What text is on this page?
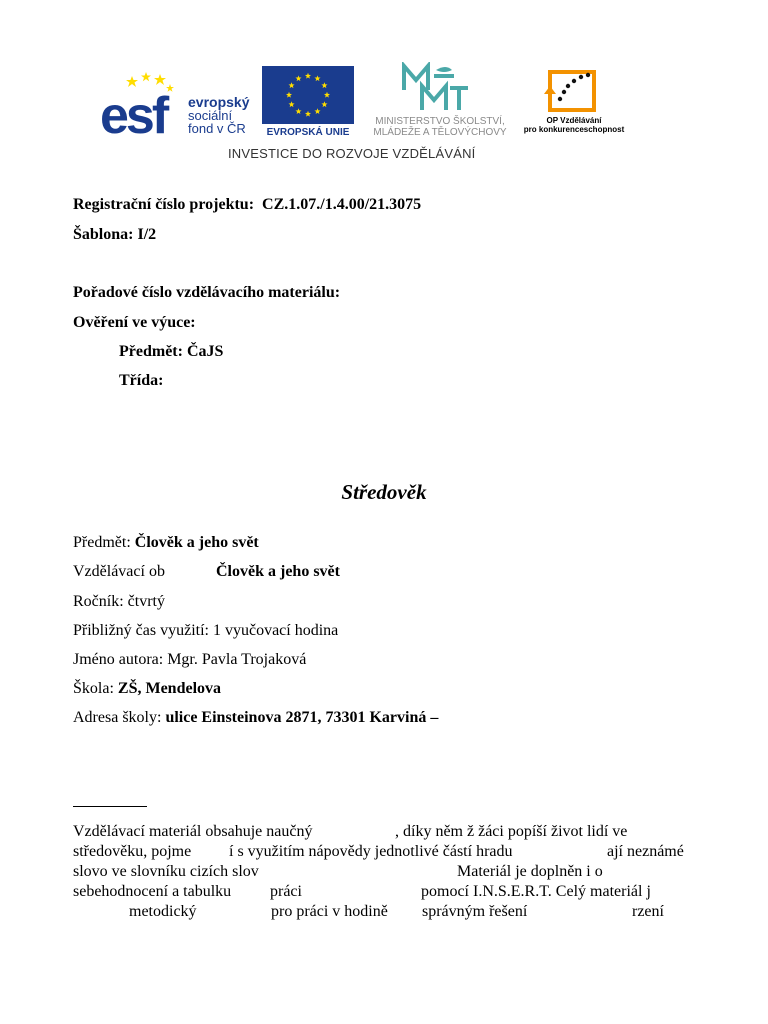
esf evropský
sociální
fond v ČR	EVROPSKÁ UNIE
MINISTERSTVO ŠKOLSTVÍ,
MLÁDEŽE A TĚLOVÝCHOVY
OP Vzdělávání
pro konkurenceschopnost
INVESTICE DO ROZVOJE VZDĚLÁVÁNÍ
Registrační číslo projektu: CZ.1.07./1.4.00/21.3075
Šablona: I/2
Pořadové číslo vzdělávacího materiálu:
Ověření ve výuce:
Předmět: ČaJS
Třída:
Středověk
Předmět: Člověk a jeho svět
Vzdělávací ob	Člověk a jeho svět
Ročník: čtvrtý
Přibližný čas využití: 1 vyučovací hodina
Jméno autora: Mgr. Pavla Trojaková
Škola: ZŠ, Mendelova
Adresa školy: ulice Einsteinova 2871, 73301 Karviná –
Vzdělávací materiál obsahuje naučný	, díky něm ž žáci popíší život lidí ve
středověku, pojme í s využitím nápovědy jednotlivé částí hradu	ají neznámé
slovo ve slovníku cizích slov	Materiál je doplněn i o
sebehodnocení a tabulku práci	pomocí I.N.S.E.R.T. Celý materiál j
metodický	pro práci v hodině správným řešení	rzení
